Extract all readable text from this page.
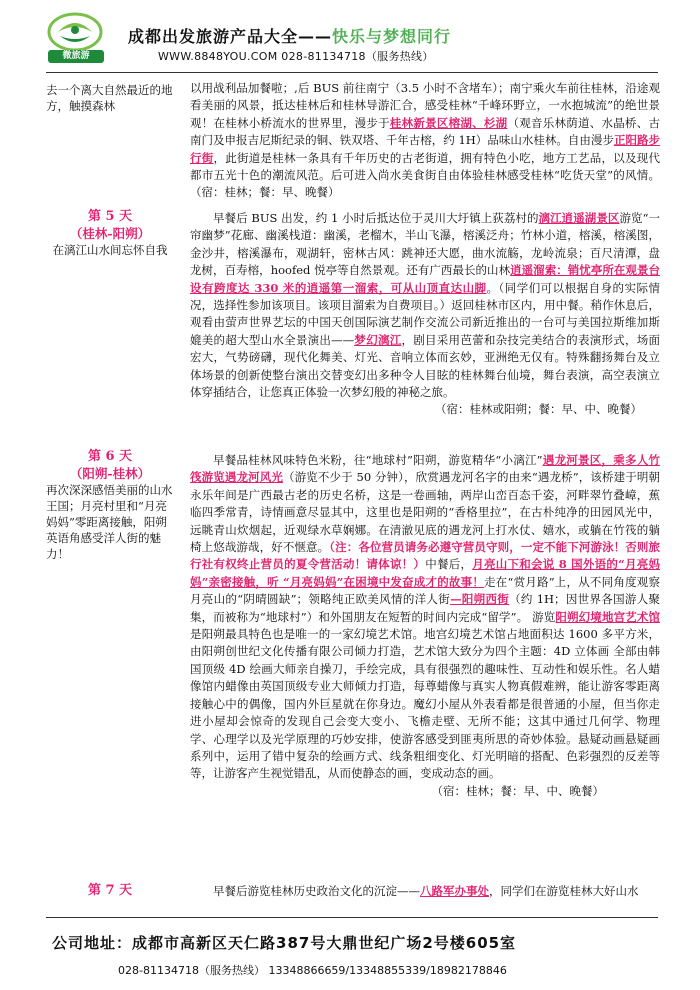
微旅游
成都出发旅游产品大全——快乐与梦想同行
WWW.8848YOU.COM 028-81134718（服务热线）
去一个离大自然最近的地方，触摸森林
以用战利品加餐啦；,后 BUS 前往南宁（3.5 小时不含堵车）；南宁乘火车前往桂林，沿途观看美丽的风景，抵达桂林后和桂林导游汇合，感受桂林“千峰环野立，一水抱城流”的绝世景观！在桂林小桥流水的世界里，漫步于桂林新景区榕湖、杉湖（观音乐林荫道、水晶桥、古南门及申报吉尼斯纪录的铜、铁双塔、千年古榕，约 1H）品味山水桂林。自由漫步正阳路步行街，此街道是桂林一条具有千年历史的古老街道，拥有特色小吃，地方工艺品，以及现代都市五光十色的潮流风范。后可进入尚水美食街自由体验桂林感受桂林“吃货天堂”的风情。（宿：桂林；餐：早、晚餐）
第 5 天
（桂林-阳朔）
在漓江山水间忘怀自我
早餐后 BUS 出发，约 1 小时后抵达位于灵川大圩镇上荻荔村的漓江逍遥湖景区游览“一帘幽梦”花廊、幽溪栈道：幽溪，老榴木，半山飞瀑，榕溪泛舟；竹林小道，榕溪，榕溪图，金沙井，榕溪瀑布，观湖轩，密林古风：跳神还大愿，曲水流觞，龙岭流泉；百尺清潭，盘龙树，百寿榕，hoofed 悦亭等自然景观。还有广西最长的山林逍遥溜索：销忧亭所在观景台设有跨度达 330 米的逍遥第一溜索，可从山顶直达山脚。（同学们可以根据自身的实际情况，选择性参加该项目。该项目溜索为自费项目。）返回桂林市区内，用中餐。稍作休息后，观看由萤声世界艺坛的中国天创国际演艺制作交流公司新近推出的一台可与美国拉斯维加斯媲美的超大型山水全景演出——梦幻漓江，剧目采用芭蕾和杂技完美结合的表演形式，场面宏大，气势磅礴，现代化舞美、灯光、音响立体而玄妙，亚洲绝无仅有。特殊翻扬舞台及立体场景的创新使整台演出交替变幻出多种令人目眩的桂林舞台仙境，舞台表演，高空表演立体穿插结合，让您真正体验一次梦幻般的神秘之旅。
（宿：桂林或阳朔；餐：早、中、晚餐）
第 6 天
（阳朔-桂林）
再次深深感悟美丽的山水王国；月亮村里和“月亮妈妈”零距离接触，阳朔英语角感受洋人街的魅力！
早餐品桂林风味特色米粉，往“地球村”阳朔，游览精华“小漓江”遇龙河景区，乘多人竹筏游览遇龙河风光（游览不少于 50 分钟），欣赏遇龙河名字的由来“遇龙桥”，该桥建于明朝永乐年间是广西最古老的历史名桥，这是一卷画轴，两岸山峦百态千姿，河畔翠竹叠嶂，蕉临四季常青，诗情画意尽显其中，这里也是阳朔的“香格里拉”，在古朴纯净的田园风光中，远眺青山炊烟起，近观绿水草娴娜。在清澈见底的遇龙河上打水仗、嬉水，或躺在竹筏的躺椅上悠哉游哉，好不惬意。（注：各位营员请务必遵守营员守则，一定不能下河游泳！否则旅行社有权终止营员的夏令营活动！请体谅！）中餐后，月亮山下和会说 8 国外语的“月亮妈妈”亲密接触，听 “月亮妈妈”在困境中发奋成才的故事！走在“赏月路”上，从不同角度观察月亮山的“阴晴圆缺”；领略纯正欧美风情的洋人街—阳朔西街（约 1H；因世界各国游人聚集，而被称为“地球村”）和外国朋友在短暂的时间内完成“留学”。 游览阳朔幻境地宫艺术馆是阳朔最具特色也是唯一的一家幻境艺术馆。地宫幻境艺术馆占地面积达 1600 多平方米，由阳朔创世纪文化传播有限公司倾力打造，艺术馆大致分为四个主题：4D 立体画 全部由韩国顶级 4D 绘画大师亲自操刀，手绘完成，具有很强烈的趣味性、互动性和娱乐性。名人蜡像馆内蜡像由英国顶级专业大师倾力打造，每尊蜡像与真实人物真假难辨，能让游客零距离接触心中的偶像，国内外巨星就在你身边。魔幻小屋从外表看都是很普通的小屋，但当你走进小屋却会惊奇的发现自己会变大变小、飞檐走壁、无所不能；这其中通过几何学、物理学、心理学以及光学原理的巧妙安排，使游客感受到匪夷所思的奇妙体验。悬疑动画悬疑画系列中，运用了错中复杂的绘画方式、线条粗细变化、灯光明暗的搭配、色彩强烈的反差等等，让游客产生视觉错乱，从而使静态的画，变成动态的画。
（宿：桂林；餐：早、中、晚餐）
第 7 天	早餐后游览桂林历史政治文化的沉淀——八路军办事处，同学们在游览桂林大好山水
公司地址：成都市高新区天仁路387号大鼎世纪广场2号楼605室
028-81134718（服务热线） 13348866659/13348855339/18982178846
